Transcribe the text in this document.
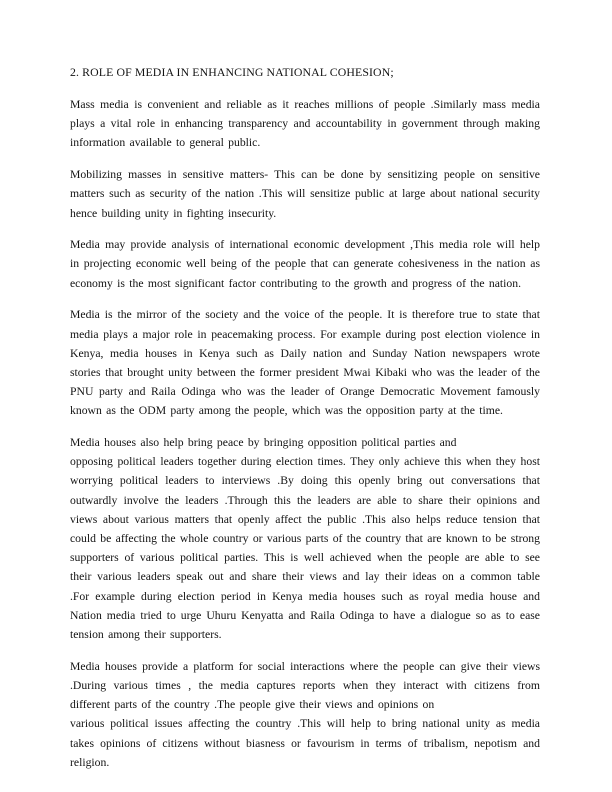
2. ROLE OF MEDIA IN ENHANCING NATIONAL COHESION;

Mass media is convenient and reliable as it reaches millions of people .Similarly mass media plays a vital role in enhancing transparency and accountability in government through making information available to general public.

Mobilizing masses in sensitive matters- This can be done by sensitizing people on sensitive matters such as security of the nation .This will sensitize public at large about national security hence building unity in fighting insecurity.

Media may provide analysis of international economic development ,This media role will help in projecting economic well being of the people that can generate cohesiveness in the nation as economy is the most significant factor contributing to the growth and progress of the nation.

Media is the mirror of the society and the voice of the people. It is therefore true to state that media plays a major role in peacemaking process. For example during post election violence in Kenya, media houses in Kenya such as Daily nation and Sunday Nation newspapers wrote stories that brought unity between the former president Mwai Kibaki who was the leader of the PNU party and Raila Odinga who was the leader of Orange Democratic Movement famously known as the ODM party among the people, which was the opposition party at the time.

Media houses also help bring peace by bringing opposition political parties and
opposing political leaders together during election times. They only achieve this when they host worrying political leaders to interviews .By doing this openly bring out conversations that outwardly involve the leaders .Through this the leaders are able to share their opinions and views about various matters that openly affect the public .This also helps reduce tension that could be affecting the whole country or various parts of the country that are known to be strong supporters of various political parties. This is well achieved when the people are able to see their various leaders speak out and share their views and lay their ideas on a common table .For example during election period in Kenya media houses such as royal media house and Nation media tried to urge Uhuru Kenyatta and Raila Odinga to have a dialogue so as to ease tension among their supporters.

Media houses provide a platform for social interactions where the people can give their views .During various times , the media captures reports when they interact with citizens from different parts of the country .The people give their views and opinions on
various political issues affecting the country .This will help to bring national unity as media takes opinions of citizens without biasness or favourism in terms of tribalism, nepotism and religion.
